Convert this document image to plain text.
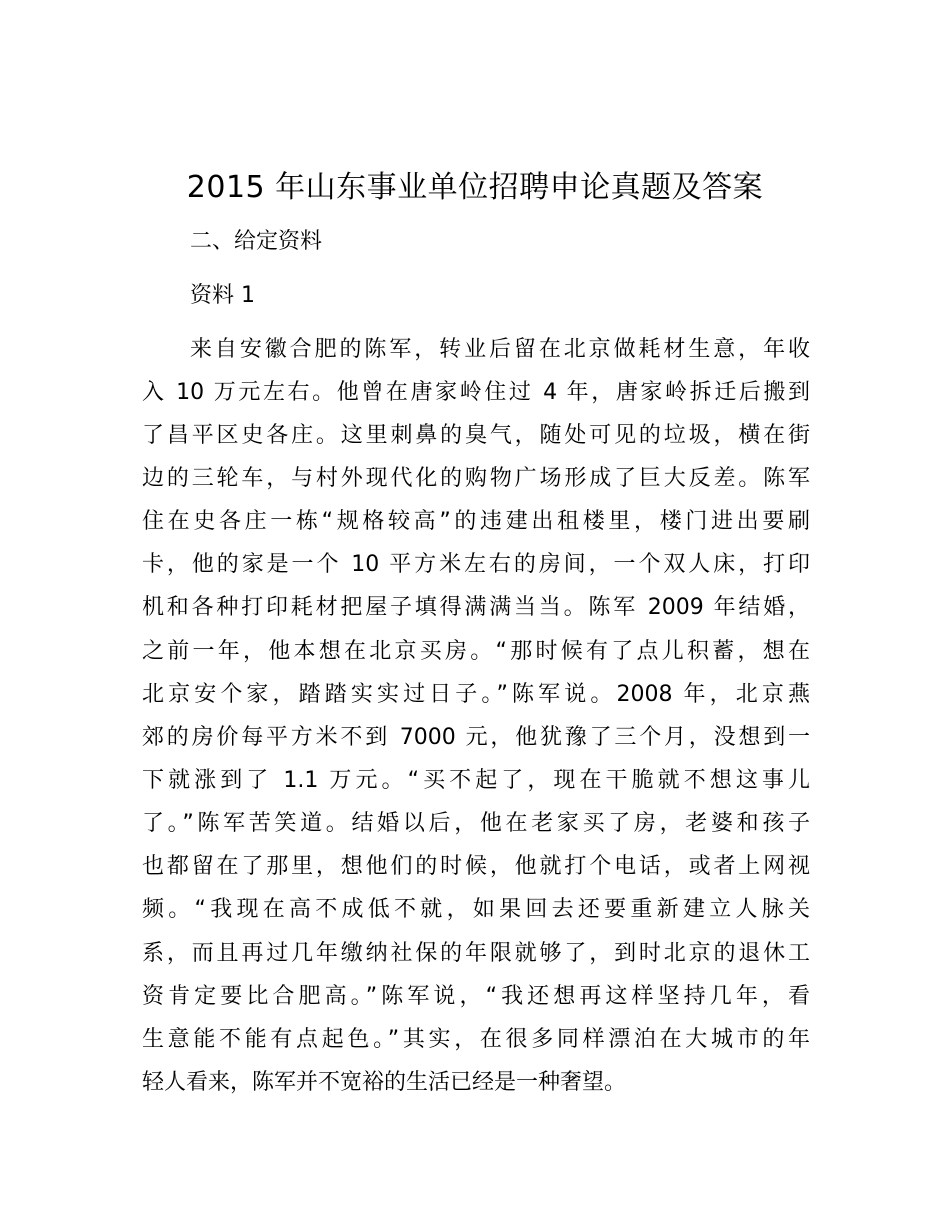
2015 年山东事业单位招聘申论真题及答案
二、给定资料
资料 1
来自安徽合肥的陈军，转业后留在北京做耗材生意，年收
入 10 万元左右。他曾在唐家岭住过 4 年，唐家岭拆迁后搬到
了昌平区史各庄。这里刺鼻的臭气，随处可见的垃圾，横在街
边的三轮车，与村外现代化的购物广场形成了巨大反差。陈军
住在史各庄一栋“规格较高”的违建出租楼里，楼门进出要刷
卡，他的家是一个 10 平方米左右的房间，一个双人床，打印
机和各种打印耗材把屋子填得满满当当。陈军 2009 年结婚，
之前一年，他本想在北京买房。“那时候有了点儿积蓄，想在
北京安个家，踏踏实实过日子。”陈军说。2008 年，北京燕
郊的房价每平方米不到 7000 元，他犹豫了三个月，没想到一
下就涨到了 1.1 万元。“买不起了，现在干脆就不想这事儿
了。”陈军苦笑道。结婚以后，他在老家买了房，老婆和孩子
也都留在了那里，想他们的时候，他就打个电话，或者上网视
频。“我现在高不成低不就，如果回去还要重新建立人脉关
系，而且再过几年缴纳社保的年限就够了，到时北京的退休工
资肯定要比合肥高。”陈军说，“我还想再这样坚持几年，看
生意能不能有点起色。”其实，在很多同样漂泊在大城市的年
轻人看来，陈军并不宽裕的生活已经是一种奢望。
